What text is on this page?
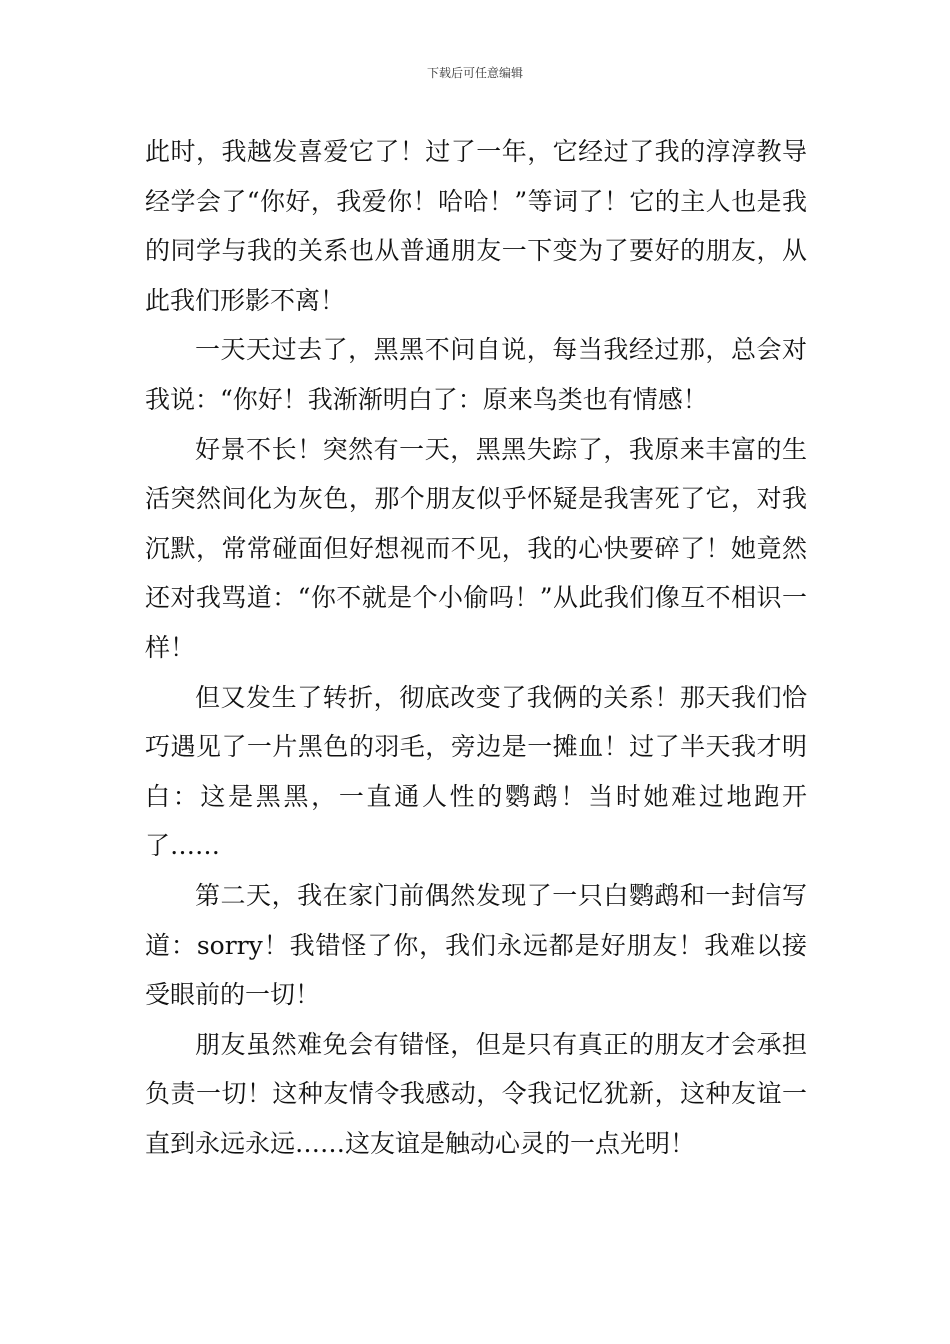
下载后可任意编辑

此时，我越发喜爱它了！过了一年，它经过了我的淳淳教导经学会了“你好，我爱你！哈哈！”等词了！它的主人也是我的同学与我的关系也从普通朋友一下变为了要好的朋友，从此我们形影不离！

一天天过去了，黑黑不问自说，每当我经过那，总会对我说：“你好！我渐渐明白了：原来鸟类也有情感！

好景不长！突然有一天，黑黑失踪了，我原来丰富的生活突然间化为灰色，那个朋友似乎怀疑是我害死了它，对我沉默，常常碰面但好想视而不见，我的心快要碎了！她竟然还对我骂道：“你不就是个小偷吗！”从此我们像互不相识一样！

但又发生了转折，彻底改变了我俩的关系！那天我们恰巧遇见了一片黑色的羽毛，旁边是一摊血！过了半天我才明白：这是黑黑，一直通人性的鹦鹉！当时她难过地跑开了……

第二天，我在家门前偶然发现了一只白鹦鹉和一封信写道：sorry！我错怪了你，我们永远都是好朋友！我难以接受眼前的一切！

朋友虽然难免会有错怪，但是只有真正的朋友才会承担负责一切！这种友情令我感动，令我记忆犹新，这种友谊一直到永远永远……这友谊是触动心灵的一点光明！
